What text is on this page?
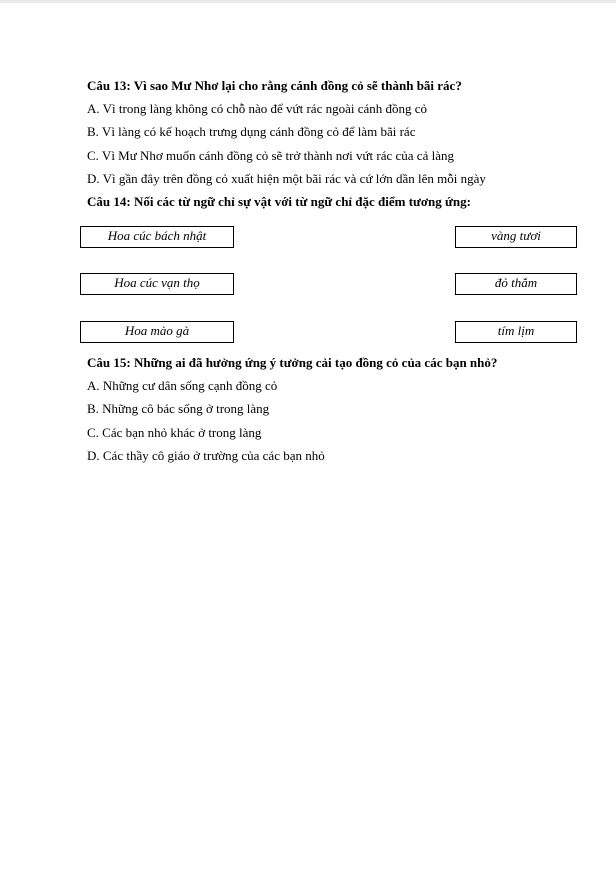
Câu 13: Vì sao Mư Nhơ lại cho rằng cánh đồng cỏ sẽ thành bãi rác?
A. Vì trong làng không có chỗ nào để vứt rác ngoài cánh đồng cỏ
B. Vì làng có kế hoạch trưng dụng cánh đồng cỏ để làm bãi rác
C. Vì Mư Nhơ muốn cánh đồng cỏ sẽ trở thành nơi vứt rác của cả làng
D. Vì gần đây trên đồng cỏ xuất hiện một bãi rác và cứ lớn dần lên mỗi ngày
Câu 14: Nối các từ ngữ chỉ sự vật với từ ngữ chỉ đặc điểm tương ứng:
Hoa cúc bách nhật	vàng tươi
Hoa cúc vạn thọ	đỏ thắm
Hoa mào gà	tím lịm
Câu 15: Những ai đã hưởng ứng ý tưởng cải tạo đồng cỏ của các bạn nhỏ?
A. Những cư dân sống cạnh đồng cỏ
B. Những cô bác sống ở trong làng
C. Các bạn nhỏ khác ở trong làng
D. Các thầy cô giáo ở trường của các bạn nhỏ
